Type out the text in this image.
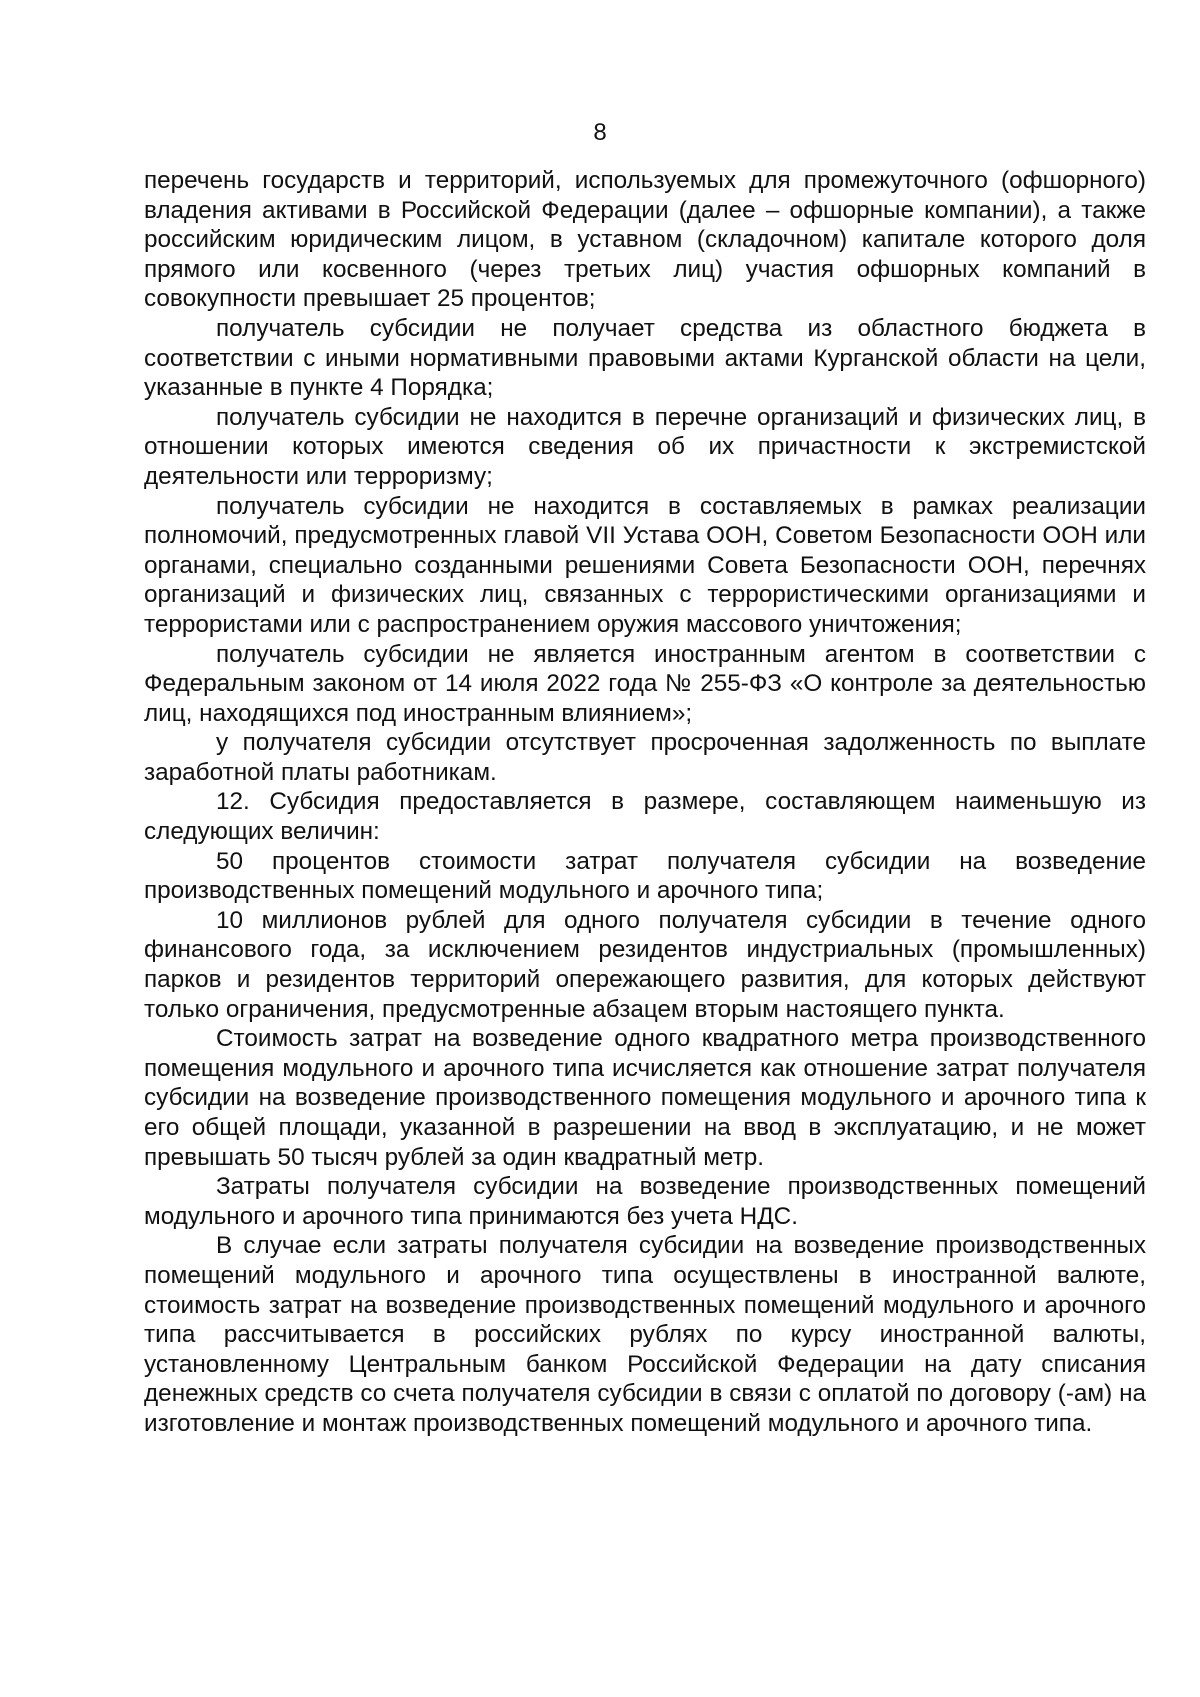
8

перечень государств и территорий, используемых для промежуточного (офшорного) владения активами в Российской Федерации (далее – офшорные компании), а также российским юридическим лицом, в уставном (складочном) капитале которого доля прямого или косвенного (через третьих лиц) участия офшорных компаний в совокупности превышает 25 процентов;

получатель субсидии не получает средства из областного бюджета в соответствии с иными нормативными правовыми актами Курганской области на цели, указанные в пункте 4 Порядка;

получатель субсидии не находится в перечне организаций и физических лиц, в отношении которых имеются сведения об их причастности к экстремистской деятельности или терроризму;

получатель субсидии не находится в составляемых в рамках реализации полномочий, предусмотренных главой VII Устава ООН, Советом Безопасности ООН или органами, специально созданными решениями Совета Безопасности ООН, перечнях организаций и физических лиц, связанных с террористическими организациями и террористами или с распространением оружия массового уничтожения;

получатель субсидии не является иностранным агентом в соответствии с Федеральным законом от 14 июля 2022 года № 255-ФЗ «О контроле за деятельностью лиц, находящихся под иностранным влиянием»;

у получателя субсидии отсутствует просроченная задолженность по выплате заработной платы работникам.

12. Субсидия предоставляется в размере, составляющем наименьшую из следующих величин:

50 процентов стоимости затрат получателя субсидии на возведение производственных помещений модульного и арочного типа;

10 миллионов рублей для одного получателя субсидии в течение одного финансового года, за исключением резидентов индустриальных (промышленных) парков и резидентов территорий опережающего развития, для которых действуют только ограничения, предусмотренные абзацем вторым настоящего пункта.

Стоимость затрат на возведение одного квадратного метра производственного помещения модульного и арочного типа исчисляется как отношение затрат получателя субсидии на возведение производственного помещения модульного и арочного типа к его общей площади, указанной в разрешении на ввод в эксплуатацию, и не может превышать 50 тысяч рублей за один квадратный метр.

Затраты получателя субсидии на возведение производственных помещений модульного и арочного типа принимаются без учета НДС.

В случае если затраты получателя субсидии на возведение производственных помещений модульного и арочного типа осуществлены в иностранной валюте, стоимость затрат на возведение производственных помещений модульного и арочного типа рассчитывается в российских рублях по курсу иностранной валюты, установленному Центральным банком Российской Федерации на дату списания денежных средств со счета получателя субсидии в связи с оплатой по договору (-ам) на изготовление и монтаж производственных помещений модульного и арочного типа.
